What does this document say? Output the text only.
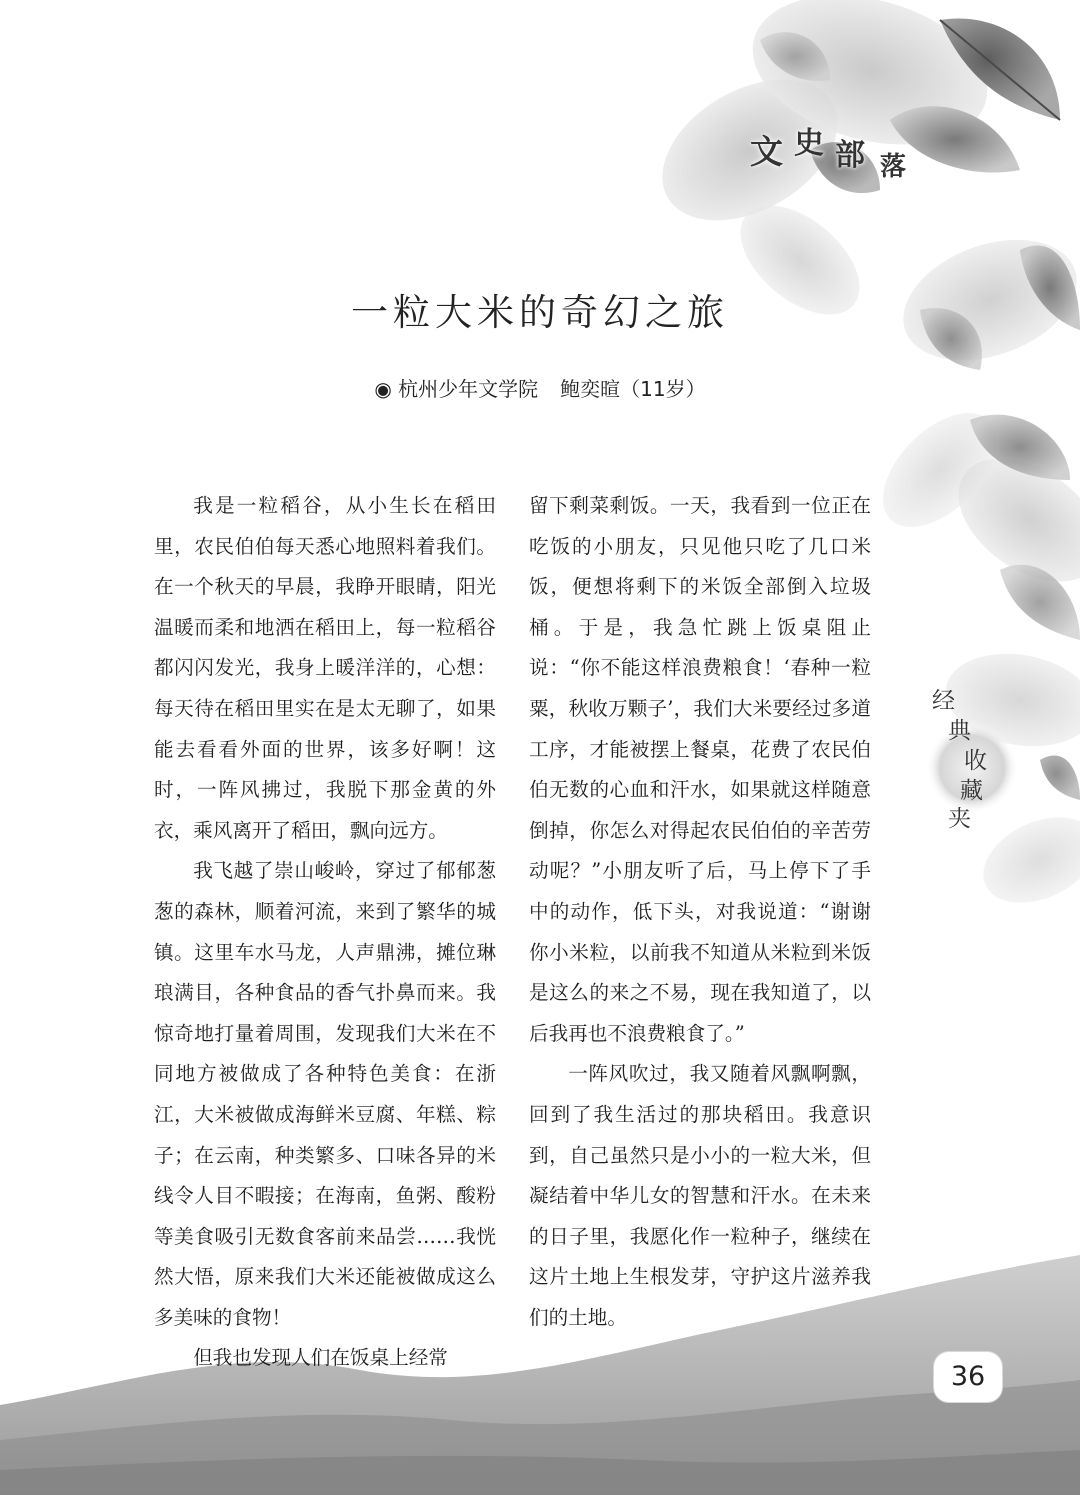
文 史 部 落
一粒大米的奇幻之旅
◉ 杭州少年文学院 鲍奕暄（11岁）

我是一粒稻谷，从小生长在稻田里，农民伯伯每天悉心地照料着我们。在一个秋天的早晨，我睁开眼睛，阳光温暖而柔和地洒在稻田上，每一粒稻谷都闪闪发光，我身上暖洋洋的，心想：每天待在稻田里实在是太无聊了，如果能去看看外面的世界，该多好啊！这时，一阵风拂过，我脱下那金黄的外衣，乘风离开了稻田，飘向远方。

我飞越了崇山峻岭，穿过了郁郁葱葱的森林，顺着河流，来到了繁华的城镇。这里车水马龙，人声鼎沸，摊位琳琅满目，各种食品的香气扑鼻而来。我惊奇地打量着周围，发现我们大米在不同地方被做成了各种特色美食：在浙江，大米被做成海鲜米豆腐、年糕、粽子；在云南，种类繁多、口味各异的米线令人目不暇接；在海南，鱼粥、酸粉等美食吸引无数食客前来品尝……我恍然大悟，原来我们大米还能被做成这么多美味的食物！

但我也发现人们在饭桌上经常

留下剩菜剩饭。一天，我看到一位正在吃饭的小朋友，只见他只吃了几口米饭，便想将剩下的米饭全部倒入垃圾桶。于是，我急忙跳上饭桌阻止说：“你不能这样浪费粮食！‘春种一粒粟，秋收万颗子’，我们大米要经过多道工序，才能被摆上餐桌，花费了农民伯伯无数的心血和汗水，如果就这样随意倒掉，你怎么对得起农民伯伯的辛苦劳动呢？”小朋友听了后，马上停下了手中的动作，低下头，对我说道：“谢谢你小米粒，以前我不知道从米粒到米饭是这么的来之不易，现在我知道了，以后我再也不浪费粮食了。”

一阵风吹过，我又随着风飘啊飘，回到了我生活过的那块稻田。我意识到，自己虽然只是小小的一粒大米，但凝结着中华儿女的智慧和汗水。在未来的日子里，我愿化作一粒种子，继续在这片土地上生根发芽，守护这片滋养我们的土地。

经
典
收
藏
夹
36
